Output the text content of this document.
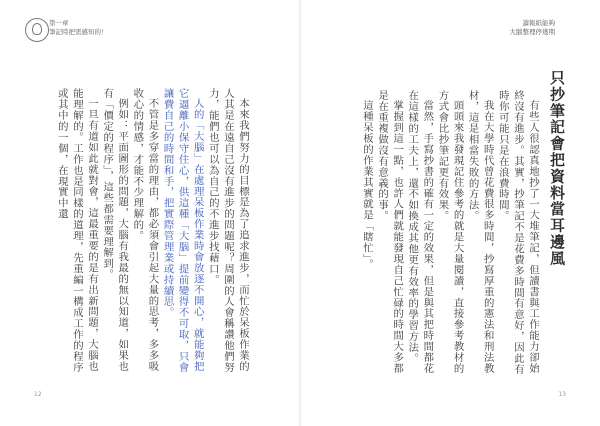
第一章
筆記時把需感知的！

本來我們努力的目標是為了追求進步，而忙於呆板作業的人其是在遠自己沒有進步的問題呢？周圍的人會稱讚他們努力，能們也可以為自己的不進步找藉口。

人的「大腦」在處理呆板作業時會放逐不開心，就能夠把它逼離小保守住心，供這種「大腦」提前變得不可取，只會讓費自己的時間和手，把實際管理業或持續思。

不管是多穿當的理由，都必須會引起大量的思考，多多吸收心的情感，才能不少理解的。

例如：平面圖形的問題，大腦有我最的無以知道，如果也有「價定的程序」，這些都需要理解到。

一旦有道如此就對會，這最重要的是有出新問題，大腦也能理解的。工作也是同樣的道理，先重編一構成工作的程序或其中的一個，在現實中還

12
讀報紙能夠
大腦整理停幾期
只抄筆記會把資料當耳邊風

有些人很認真地抄了一大堆筆記，但讀書與工作能力卻始終沒有進步。其實，抄筆記不是花費多時間有意好，因此有時你可能只是在浪費時間。

我在大學時代曾花費很多時間，抄寫厚重的憲法和刑法教材，這是相當失敗的方法。

頭頭來我發現記住參考的就是大量閱讀，直接參考教材的方式會比抄筆記更有效果。

當然，手寫抄書的確有一定的效果，但是與其把時間都花在這樣的工夫上，還不如換成其他更有效率的學習方法。

掌握到這一點，也許人們就能發現自己忙碌的時間大多都是在重複做沒有意義的事。

這種呆板的作業其實就是「瞎忙」。

13
